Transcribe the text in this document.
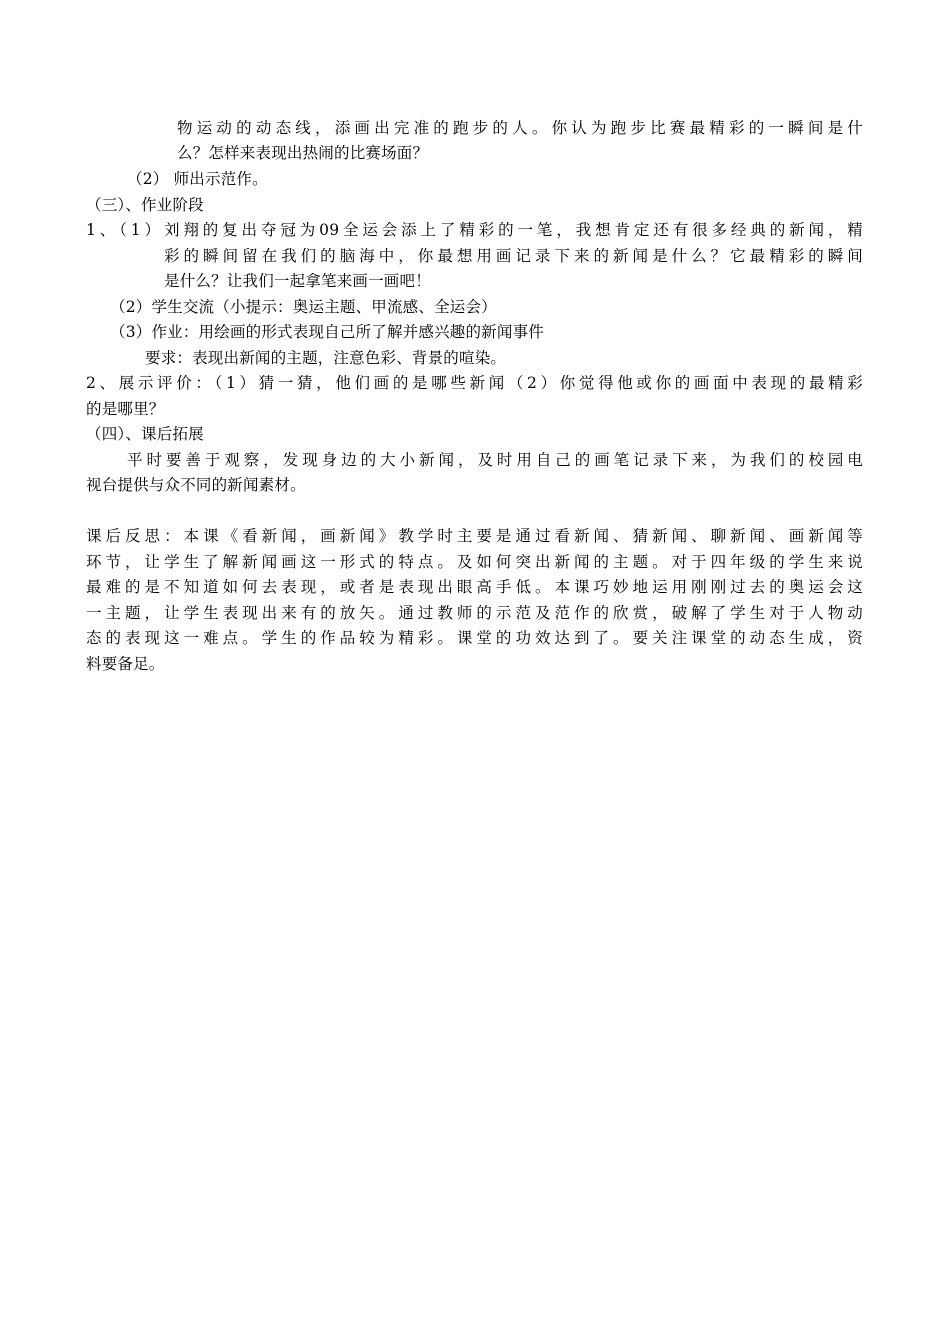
物运动的动态线，添画出完准的跑步的人。你认为跑步比赛最精彩的一瞬间是什
么？怎样来表现出热闹的比赛场面？
（2） 师出示范作。
（三）、作业阶段
1、（1）刘翔的复出夺冠为09全运会添上了精彩的一笔，我想肯定还有很多经典的新闻，精
彩的瞬间留在我们的脑海中，你最想用画记录下来的新闻是什么？它最精彩的瞬间
是什么？让我们一起拿笔来画一画吧！
（2）学生交流（小提示：奥运主题、甲流感、全运会）
（3）作业：用绘画的形式表现自己所了解并感兴趣的新闻事件
要求：表现出新闻的主题，注意色彩、背景的喧染。
2、展示评价：（1）猜一猜，他们画的是哪些新闻（2）你觉得他或你的画面中表现的最精彩
的是哪里？
（四）、课后拓展
平时要善于观察，发现身边的大小新闻，及时用自己的画笔记录下来，为我们的校园电
视台提供与众不同的新闻素材。
课后反思：本课《看新闻，画新闻》教学时主要是通过看新闻、猜新闻、聊新闻、画新闻等
环节，让学生了解新闻画这一形式的特点。及如何突出新闻的主题。对于四年级的学生来说
最难的是不知道如何去表现，或者是表现出眼高手低。本课巧妙地运用刚刚过去的奥运会这
一主题，让学生表现出来有的放矢。通过教师的示范及范作的欣赏，破解了学生对于人物动
态的表现这一难点。学生的作品较为精彩。课堂的功效达到了。要关注课堂的动态生成，资
料要备足。
